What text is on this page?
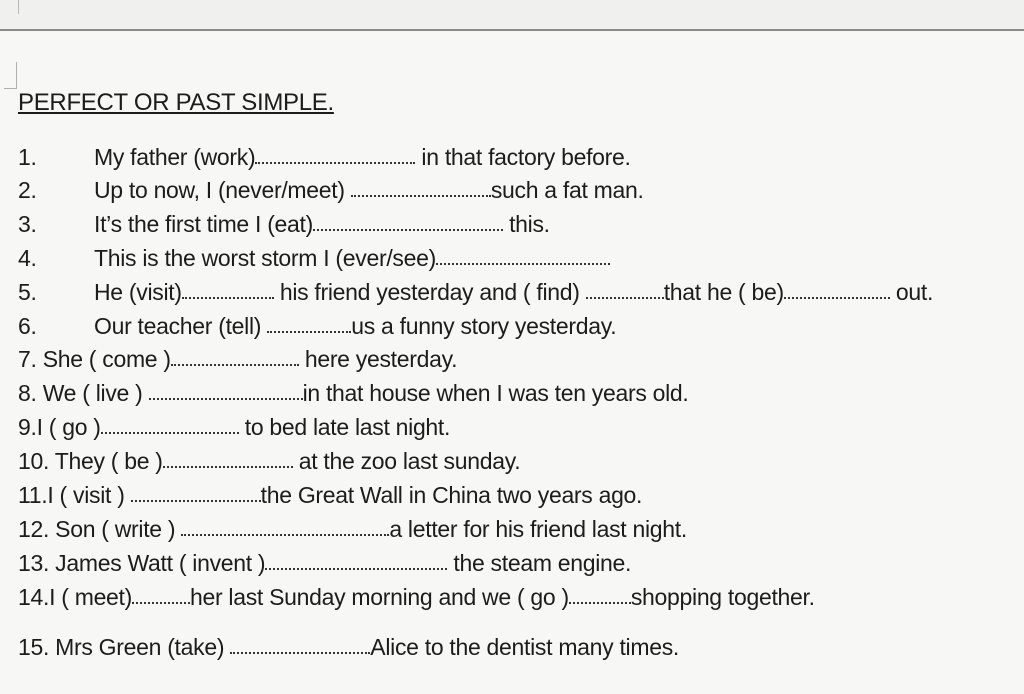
PERFECT OR PAST SIMPLE.
1. My father (work)	in that factory before.
2. Up to now, I (never/meet)	such a fat man.
3. It’s the first time I (eat)	this.
4. This is the worst storm I (ever/see)
5. He (visit)	his friend yesterday and ( find)	that he ( be)	out.
6. Our teacher (tell)	us a funny story yesterday.
7. She ( come )	here yesterday.
8. We ( live )	in that house when I was ten years old.
9.I ( go )	to bed late last night.
10. They ( be )	at the zoo last sunday.
11.I ( visit )	the Great Wall in China two years ago.
12. Son ( write )	a letter for his friend last night.
13. James Watt ( invent )	the steam engine.
14.I ( meet)	her last Sunday morning and we ( go )	shopping together.
15. Mrs Green (take)	Alice to the dentist many times.
